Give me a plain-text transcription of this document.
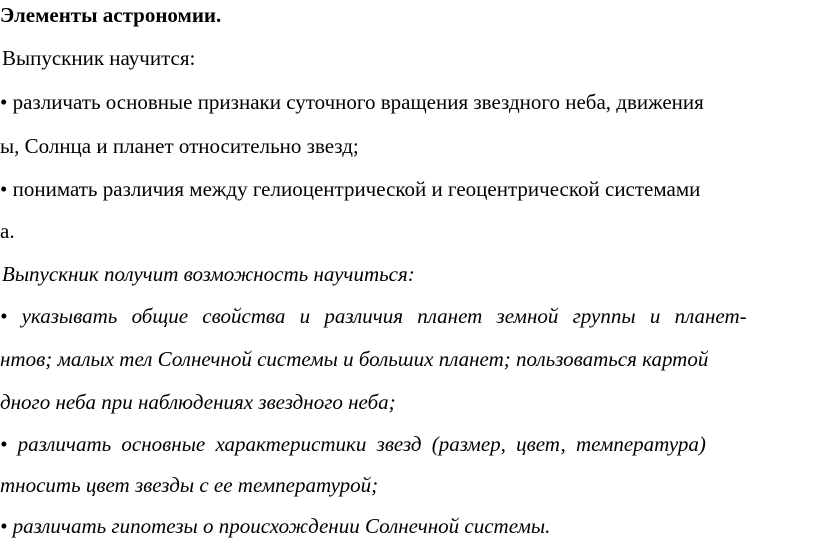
Элементы астрономии.

Выпускник научится:

• различать основные признаки суточного вращения звездного неба, движения

ы, Солнца и планет относительно звезд;

• понимать различия между гелиоцентрической и геоцентрической системами

а.

Выпускник получит возможность научиться:

• указывать общие свойства и различия планет земной группы и планет-

нтов; малых тел Солнечной системы и больших планет; пользоваться картой

дного неба при наблюдениях звездного неба;

• различать основные характеристики звезд (размер, цвет, температура)

тносить цвет звезды с ее температурой;

• различать гипотезы о происхождении Солнечной системы.
